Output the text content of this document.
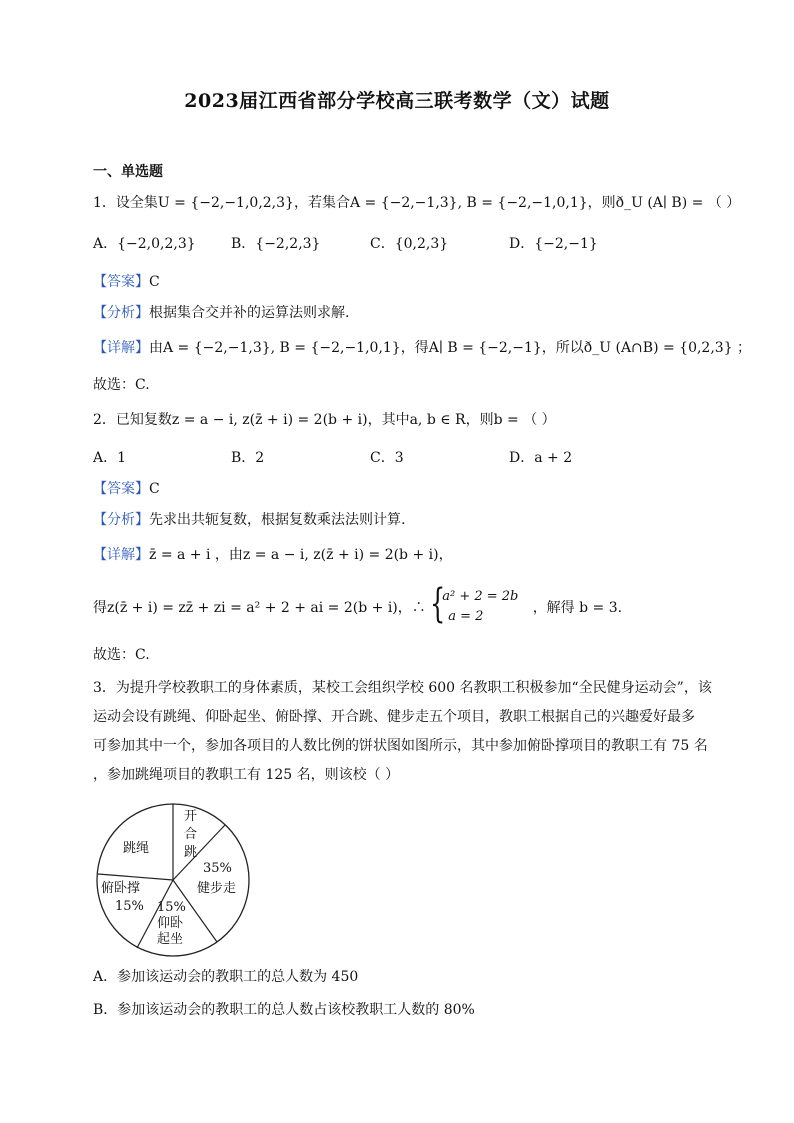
2023届江西省部分学校高三联考数学（文）试题
一、单选题
1．设全集U = {−2,−1,0,2,3}，若集合A = {−2,−1,3}, B = {−2,−1,0,1}，则ð_U (A∣ B) = （ ）
A．{−2,0,2,3}	B．{−2,2,3}	C．{0,2,3}	D．{−2,−1}
【答案】C
【分析】根据集合交并补的运算法则求解.
【详解】由A = {−2,−1,3}, B = {−2,−1,0,1}，得A∣ B = {−2,−1}，所以ð_U (A∩B) = {0,2,3} ；
故选：C.
2．已知复数z = a − i, z(z̄ + i) = 2(b + i)，其中a, b ∈ R，则b = （ ）
A．1	B．2	C．3	D．a + 2
【答案】C
【分析】先求出共轭复数，根据复数乘法法则计算.
【详解】z̄ = a + i ，由z = a − i, z(z̄ + i) = 2(b + i)，
得z(z̄ + i) = zz̄ + zi = a² + 2 + ai = 2(b + i)，∴ {
a² + 2 = 2b
a = 2
，解得 b = 3.
故选：C.
3．为提升学校教职工的身体素质，某校工会组织学校 600 名教职工积极参加“全民健身运动会”，该
运动会设有跳绳、仰卧起坐、俯卧撑、开合跳、健步走五个项目，教职工根据自己的兴趣爱好最多
可参加其中一个，参加各项目的人数比例的饼状图如图所示，其中参加俯卧撑项目的教职工有 75 名
，参加跳绳项目的教职工有 125 名，则该校（ ）
开
合
跳
35%
健步走
15%
仰卧
起坐
俯卧撑
15%
跳绳
A．参加该运动会的教职工的总人数为 450
B．参加该运动会的教职工的总人数占该校教职工人数的 80%
